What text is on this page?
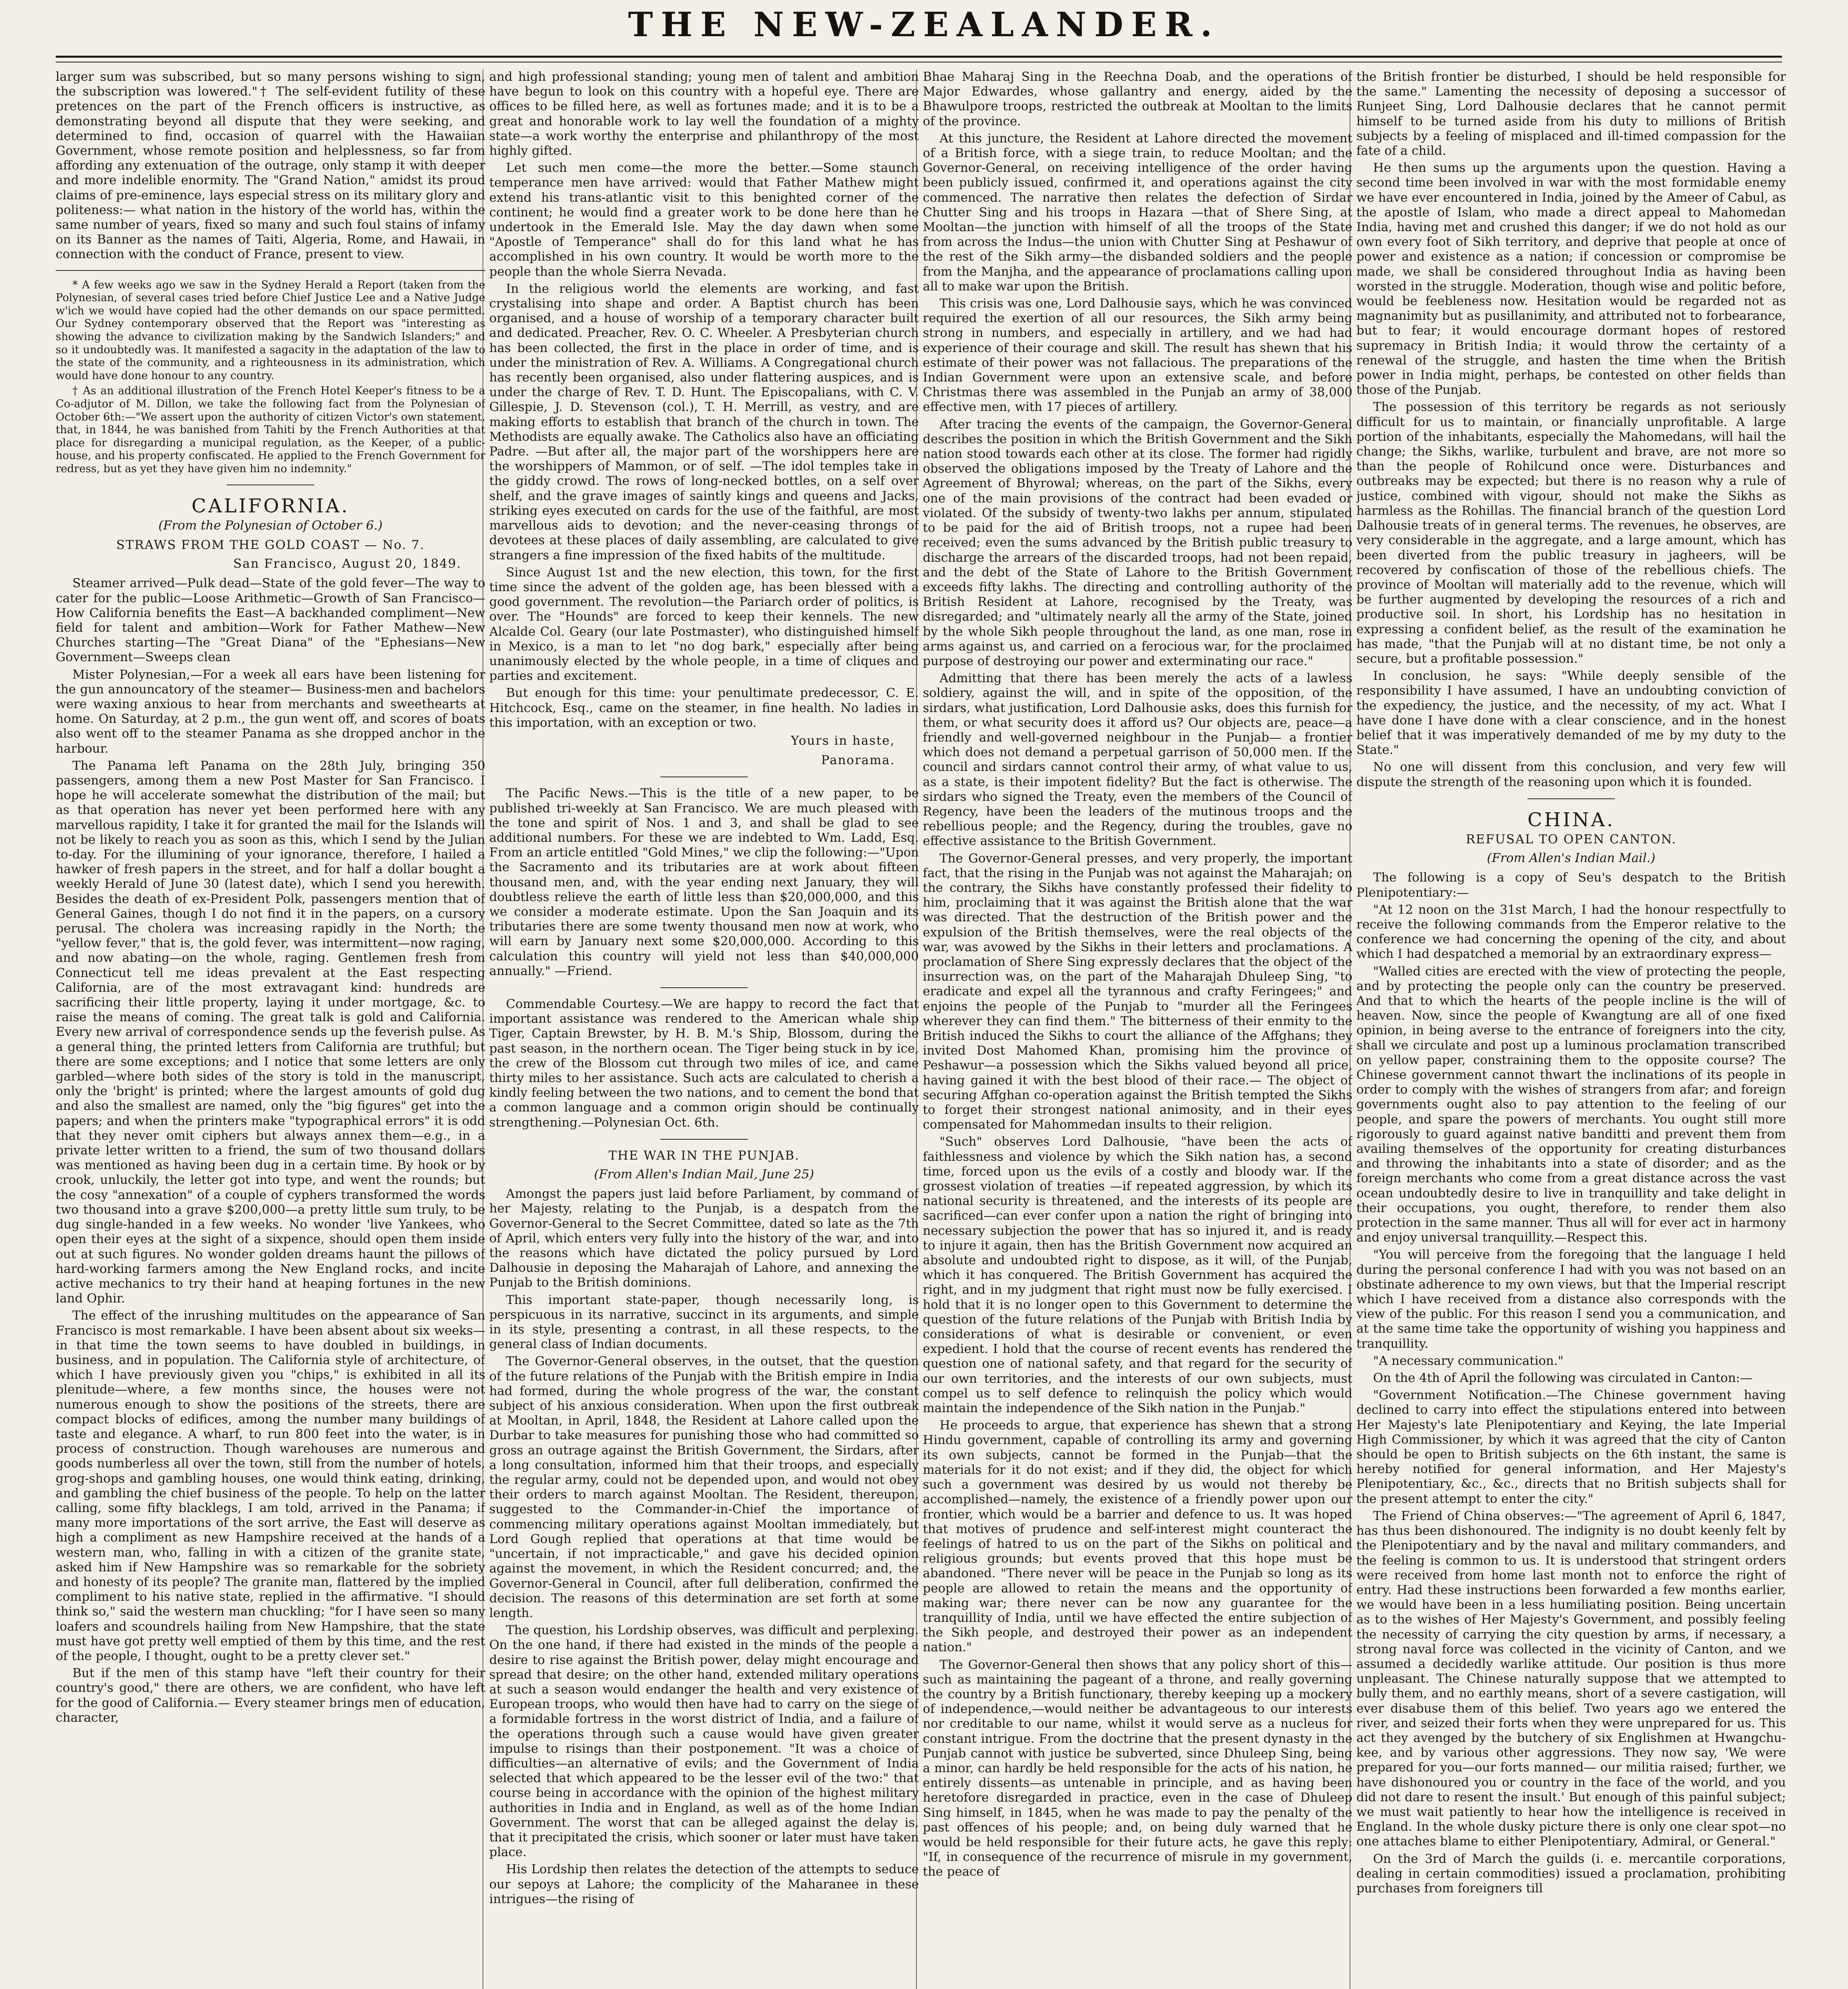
THE NEW-ZEALANDER.

larger sum was subscribed, but so many persons wishing to sign, the subscription was lowered."† The self-evident futility of these pretences on the part of the French officers is instructive, as demonstrating beyond all dispute that they were seeking, and determined to find, occasion of quarrel with the Hawaiian Government, whose remote position and helplessness, so far from affording any extenuation of the outrage, only stamp it with deeper and more indelible enormity. The "Grand Nation," amidst its proud claims of pre-eminence, lays especial stress on its military glory and politeness:— what nation in the history of the world has, within the same number of years, fixed so many and such foul stains of infamy on its Banner as the names of Taiti, Algeria, Rome, and Hawaii, in connection with the conduct of France, present to view.

* A few weeks ago we saw in the Sydney Herald a Report (taken from the Polynesian, of several cases tried before Chief Justice Lee and a Native Judge w'ich we would have copied had the other demands on our space permitted. Our Sydney contemporary observed that the Report was "interesting as showing the advance to civilization making by the Sandwich Islanders;" and so it undoubtedly was. It manifested a sagacity in the adaptation of the law to the state of the community, and a righteousness in its administration, which would have done honour to any country.

† As an additional illustration of the French Hotel Keeper's fitness to be a Co-adjutor of M. Dillon, we take the following fact from the Polynesian of October 6th:—"We assert upon the authority of citizen Victor's own statement, that, in 1844, he was banished from Tahiti by the French Authorities at that place for disregarding a municipal regulation, as the Keeper, of a public-house, and his property confiscated. He applied to the French Government for redress, but as yet they have given him no indemnity."

CALIFORNIA.

(From the Polynesian of October 6.)

STRAWS FROM THE GOLD COAST — No. 7.

San Francisco, August 20, 1849.

Steamer arrived—Pulk dead—State of the gold fever—The way to cater for the public—Loose Arithmetic—Growth of San Francisco—How California benefits the East—A backhanded compliment—New field for talent and ambition—Work for Father Mathew—New Churches starting—The "Great Diana" of the "Ephesians—New Government—Sweeps clean

Mister Polynesian,—For a week all ears have been listening for the gun announcatory of the steamer— Business-men and bachelors were waxing anxious to hear from merchants and sweethearts at home. On Saturday, at 2 p.m., the gun went off, and scores of boats also went off to the steamer Panama as she dropped anchor in the harbour.

The Panama left Panama on the 28th July, bringing 350 passengers, among them a new Post Master for San Francisco. I hope he will accelerate somewhat the distribution of the mail; but as that operation has never yet been performed here with any marvellous rapidity, I take it for granted the mail for the Islands will not be likely to reach you as soon as this, which I send by the Julian to-day. For the illumining of your ignorance, therefore, I hailed a hawker of fresh papers in the street, and for half a dollar bought a weekly Herald of June 30 (latest date), which I send you herewith. Besides the death of ex-President Polk, passengers mention that of General Gaines, though I do not find it in the papers, on a cursory perusal. The cholera was increasing rapidly in the North; the "yellow fever," that is, the gold fever, was intermittent—now raging, and now abating—on the whole, raging. Gentlemen fresh from Connecticut tell me ideas prevalent at the East respecting California, are of the most extravagant kind: hundreds are sacrificing their little property, laying it under mortgage, &c. to raise the means of coming. The great talk is gold and California. Every new arrival of correspondence sends up the feverish pulse. As a general thing, the printed letters from California are truthful; but there are some exceptions; and I notice that some letters are only garbled—where both sides of the story is told in the manuscript, only the 'bright' is printed; where the largest amounts of gold dug and also the smallest are named, only the "big figures" get into the papers; and when the printers make "typographical errors" it is odd that they never omit ciphers but always annex them—e.g., in a private letter written to a friend, the sum of two thousand dollars was mentioned as having been dug in a certain time. By hook or by crook, unluckily, the letter got into type, and went the rounds; but the cosy "annexation" of a couple of cyphers transformed the words two thousand into a grave $200,000—a pretty little sum truly, to be dug single-handed in a few weeks. No wonder 'live Yankees, who open their eyes at the sight of a sixpence, should open them inside out at such figures. No wonder golden dreams haunt the pillows of hard-working farmers among the New England rocks, and incite active mechanics to try their hand at heaping fortunes in the new land Ophir.

The effect of the inrushing multitudes on the appearance of San Francisco is most remarkable. I have been absent about six weeks—in that time the town seems to have doubled in buildings, in business, and in population. The California style of architecture, of which I have previously given you "chips," is exhibited in all its plenitude—where, a few months since, the houses were not numerous enough to show the positions of the streets, there are compact blocks of edifices, among the number many buildings of taste and elegance. A wharf, to run 800 feet into the water, is in process of construction. Though warehouses are numerous and goods numberless all over the town, still from the number of hotels, grog-shops and gambling houses, one would think eating, drinking, and gambling the chief business of the people. To help on the latter calling, some fifty blacklegs, I am told, arrived in the Panama; if many more importations of the sort arrive, the East will deserve as high a compliment as new Hampshire received at the hands of a western man, who, falling in with a citizen of the granite state, asked him if New Hampshire was so remarkable for the sobriety and honesty of its people? The granite man, flattered by the implied compliment to his native state, replied in the affirmative. "I should think so," said the western man chuckling; "for I have seen so many loafers and scoundrels hailing from New Hampshire, that the state must have got pretty well emptied of them by this time, and the rest of the people, I thought, ought to be a pretty clever set."

But if the men of this stamp have "left their country for their country's good," there are others, we are confident, who have left for the good of California.— Every steamer brings men of education, character,

and high professional standing; young men of talent and ambition have begun to look on this country with a hopeful eye. There are offices to be filled here, as well as fortunes made; and it is to be a great and honorable work to lay well the foundation of a mighty state—a work worthy the enterprise and philanthropy of the most highly gifted.

Let such men come—the more the better.—Some staunch temperance men have arrived: would that Father Mathew might extend his trans-atlantic visit to this benighted corner of the continent; he would find a greater work to be done here than he undertook in the Emerald Isle. May the day dawn when some "Apostle of Temperance" shall do for this land what he has accomplished in his own country. It would be worth more to the people than the whole Sierra Nevada.

In the religious world the elements are working, and fast crystalising into shape and order. A Baptist church has been organised, and a house of worship of a temporary character built and dedicated. Preacher, Rev. O. C. Wheeler. A Presbyterian church has been collected, the first in the place in order of time, and is under the ministration of Rev. A. Williams. A Congregational church has recently been organised, also under flattering auspices, and is under the charge of Rev. T. D. Hunt. The Episcopalians, with C. V. Gillespie, J. D. Stevenson (col.), T. H. Merrill, as vestry, and are making efforts to establish that branch of the church in town. The Methodists are equally awake. The Catholics also have an officiating Padre. —But after all, the major part of the worshippers here are the worshippers of Mammon, or of self. —The idol temples take in the giddy crowd. The rows of long-necked bottles, on a self over shelf, and the grave images of saintly kings and queens and Jacks, striking eyes executed on cards for the use of the faithful, are most marvellous aids to devotion; and the never-ceasing throngs of devotees at these places of daily assembling, are calculated to give strangers a fine impression of the fixed habits of the multitude.

Since August 1st and the new election, this town, for the first time since the advent of the golden age, has been blessed with a good government. The revolution—the Pariarch order of politics, is over. The "Hounds" are forced to keep their kennels. The new Alcalde Col. Geary (our late Postmaster), who distinguished himself in Mexico, is a man to let "no dog bark," especially after being unanimously elected by the whole people, in a time of cliques and parties and excitement.

But enough for this time: your penultimate predecessor, C. E. Hitchcock, Esq., came on the steamer, in fine health. No ladies in this importation, with an exception or two.

Yours in haste,

Panorama.

The Pacific News.—This is the title of a new paper, to be published tri-weekly at San Francisco. We are much pleased with the tone and spirit of Nos. 1 and 3, and shall be glad to see additional numbers. For these we are indebted to Wm. Ladd, Esq. From an article entitled "Gold Mines," we clip the following:—"Upon the Sacramento and its tributaries are at work about fifteen thousand men, and, with the year ending next January, they will doubtless relieve the earth of little less than $20,000,000, and this we consider a moderate estimate. Upon the San Joaquin and its tributaries there are some twenty thousand men now at work, who will earn by January next some $20,000,000. According to this calculation this country will yield not less than $40,000,000 annually." —Friend.

Commendable Courtesy.—We are happy to record the fact that important assistance was rendered to the American whale ship Tiger, Captain Brewster, by H. B. M.'s Ship, Blossom, during the past season, in the northern ocean. The Tiger being stuck in by ice, the crew of the Blossom cut through two miles of ice, and came thirty miles to her assistance. Such acts are calculated to cherish a kindly feeling between the two nations, and to cement the bond that a common language and a common origin should be continually strengthening.—Polynesian Oct. 6th.

THE WAR IN THE PUNJAB.

(From Allen's Indian Mail, June 25)

Amongst the papers just laid before Parliament, by command of her Majesty, relating to the Punjab, is a despatch from the Governor-General to the Secret Committee, dated so late as the 7th of April, which enters very fully into the history of the war, and into the reasons which have dictated the policy pursued by Lord Dalhousie in deposing the Maharajah of Lahore, and annexing the Punjab to the British dominions.

This important state-paper, though necessarily long, is perspicuous in its narrative, succinct in its arguments, and simple in its style, presenting a contrast, in all these respects, to the general class of Indian documents.

The Governor-General observes, in the outset, that the question of the future relations of the Punjab with the British empire in India had formed, during the whole progress of the war, the constant subject of his anxious consideration. When upon the first outbreak at Mooltan, in April, 1848, the Resident at Lahore called upon the Durbar to take measures for punishing those who had committed so gross an outrage against the British Government, the Sirdars, after a long consultation, informed him that their troops, and especially the regular army, could not be depended upon, and would not obey their orders to march against Mooltan. The Resident, thereupon, suggested to the Commander-in-Chief the importance of commencing military operations against Mooltan immediately, but Lord Gough replied that operations at that time would be "uncertain, if not impracticable," and gave his decided opinion against the movement, in which the Resident concurred; and, the Governor-General in Council, after full deliberation, confirmed the decision. The reasons of this determination are set forth at some length.

The question, his Lordship observes, was difficult and perplexing. On the one hand, if there had existed in the minds of the people a desire to rise against the British power, delay might encourage and spread that desire; on the other hand, extended military operations at such a season would endanger the health and very existence of European troops, who would then have had to carry on the siege of a formidable fortress in the worst district of India, and a failure of the operations through such a cause would have given greater impulse to risings than their postponement. "It was a choice of difficulties—an alternative of evils; and the Government of India selected that which appeared to be the lesser evil of the two:" that course being in accordance with the opinion of the highest military authorities in India and in England, as well as of the home Indian Government. The worst that can be alleged against the delay is, that it precipitated the crisis, which sooner or later must have taken place.

His Lordship then relates the detection of the attempts to seduce our sepoys at Lahore; the complicity of the Maharanee in these intrigues—the rising of

Bhae Maharaj Sing in the Reechna Doab, and the operations of Major Edwardes, whose gallantry and energy, aided by the Bhawulpore troops, restricted the outbreak at Mooltan to the limits of the province.

At this juncture, the Resident at Lahore directed the movement of a British force, with a siege train, to reduce Mooltan; and the Governor-General, on receiving intelligence of the order having been publicly issued, confirmed it, and operations against the city commenced. The narrative then relates the defection of Sirdar Chutter Sing and his troops in Hazara —that of Shere Sing, at Mooltan—the junction with himself of all the troops of the State from across the Indus—the union with Chutter Sing at Peshawur of the rest of the Sikh army—the disbanded soldiers and the people from the Manjha, and the appearance of proclamations calling upon all to make war upon the British.

This crisis was one, Lord Dalhousie says, which he was convinced required the exertion of all our resources, the Sikh army being strong in numbers, and especially in artillery, and we had had experience of their courage and skill. The result has shewn that his estimate of their power was not fallacious. The preparations of the Indian Government were upon an extensive scale, and before Christmas there was assembled in the Punjab an army of 38,000 effective men, with 17 pieces of artillery.

After tracing the events of the campaign, the Governor-General describes the position in which the British Government and the Sikh nation stood towards each other at its close. The former had rigidly observed the obligations imposed by the Treaty of Lahore and the Agreement of Bhyrowal; whereas, on the part of the Sikhs, every one of the main provisions of the contract had been evaded or violated. Of the subsidy of twenty-two lakhs per annum, stipulated to be paid for the aid of British troops, not a rupee had been received; even the sums advanced by the British public treasury to discharge the arrears of the discarded troops, had not been repaid, and the debt of the State of Lahore to the British Government exceeds fifty lakhs. The directing and controlling authority of the British Resident at Lahore, recognised by the Treaty, was disregarded; and "ultimately nearly all the army of the State, joined by the whole Sikh people throughout the land, as one man, rose in arms against us, and carried on a ferocious war, for the proclaimed purpose of destroying our power and exterminating our race."

Admitting that there has been merely the acts of a lawless soldiery, against the will, and in spite of the opposition, of the sirdars, what justification, Lord Dalhousie asks, does this furnish for them, or what security does it afford us? Our objects are, peace—a friendly and well-governed neighbour in the Punjab— a frontier which does not demand a perpetual garrison of 50,000 men. If the council and sirdars cannot control their army, of what value to us, as a state, is their impotent fidelity? But the fact is otherwise. The sirdars who signed the Treaty, even the members of the Council of Regency, have been the leaders of the mutinous troops and the rebellious people; and the Regency, during the troubles, gave no effective assistance to the British Government.

The Governor-General presses, and very properly, the important fact, that the rising in the Punjab was not against the Maharajah; on the contrary, the Sikhs have constantly professed their fidelity to him, proclaiming that it was against the British alone that the war was directed. That the destruction of the British power and the expulsion of the British themselves, were the real objects of the war, was avowed by the Sikhs in their letters and proclamations. A proclamation of Shere Sing expressly declares that the object of the insurrection was, on the part of the Maharajah Dhuleep Sing, "to eradicate and expel all the tyrannous and crafty Feringees;" and enjoins the people of the Punjab to "murder all the Feringees wherever they can find them." The bitterness of their enmity to the British induced the Sikhs to court the alliance of the Affghans; they invited Dost Mahomed Khan, promising him the province of Peshawur—a possession which the Sikhs valued beyond all price, having gained it with the best blood of their race.— The object of securing Affghan co-operation against the British tempted the Sikhs to forget their strongest national animosity, and in their eyes compensated for Mahommedan insults to their religion.

"Such" observes Lord Dalhousie, "have been the acts of faithlessness and violence by which the Sikh nation has, a second time, forced upon us the evils of a costly and bloody war. If the grossest violation of treaties —if repeated aggression, by which its national security is threatened, and the interests of its people are sacrificed—can ever confer upon a nation the right of bringing into necessary subjection the power that has so injured it, and is ready to injure it again, then has the British Government now acquired an absolute and undoubted right to dispose, as it will, of the Punjab, which it has conquered. The British Government has acquired the right, and in my judgment that right must now be fully exercised. I hold that it is no longer open to this Government to determine the question of the future relations of the Punjab with British India by considerations of what is desirable or convenient, or even expedient. I hold that the course of recent events has rendered the question one of national safety, and that regard for the security of our own territories, and the interests of our own subjects, must compel us to self defence to relinquish the policy which would maintain the independence of the Sikh nation in the Punjab."

He proceeds to argue, that experience has shewn that a strong Hindu government, capable of controlling its army and governing its own subjects, cannot be formed in the Punjab—that the materials for it do not exist; and if they did, the object for which such a government was desired by us would not thereby be accomplished—namely, the existence of a friendly power upon our frontier, which would be a barrier and defence to us. It was hoped that motives of prudence and self-interest might counteract the feelings of hatred to us on the part of the Sikhs on political and religious grounds; but events proved that this hope must be abandoned. "There never will be peace in the Punjab so long as its people are allowed to retain the means and the opportunity of making war; there never can be now any guarantee for the tranquillity of India, until we have effected the entire subjection of the Sikh people, and destroyed their power as an independent nation."

The Governor-General then shows that any policy short of this—such as maintaining the pageant of a throne, and really governing the country by a British functionary, thereby keeping up a mockery of independence,—would neither be advantageous to our interests nor creditable to our name, whilst it would serve as a nucleus for constant intrigue. From the doctrine that the present dynasty in the Punjab cannot with justice be subverted, since Dhuleep Sing, being a minor, can hardly be held responsible for the acts of his nation, he entirely dissents—as untenable in principle, and as having been heretofore disregarded in practice, even in the case of Dhuleep Sing himself, in 1845, when he was made to pay the penalty of the past offences of his people; and, on being duly warned that he would be held responsible for their future acts, he gave this reply: "If, in consequence of the recurrence of misrule in my government, the peace of

the British frontier be disturbed, I should be held responsible for the same." Lamenting the necessity of deposing a successor of Runjeet Sing, Lord Dalhousie declares that he cannot permit himself to be turned aside from his duty to millions of British subjects by a feeling of misplaced and ill-timed compassion for the fate of a child.

He then sums up the arguments upon the question. Having a second time been involved in war with the most formidable enemy we have ever encountered in India, joined by the Ameer of Cabul, as the apostle of Islam, who made a direct appeal to Mahomedan India, having met and crushed this danger; if we do not hold as our own every foot of Sikh territory, and deprive that people at once of power and existence as a nation; if concession or compromise be made, we shall be considered throughout India as having been worsted in the struggle. Moderation, though wise and politic before, would be feebleness now. Hesitation would be regarded not as magnanimity but as pusillanimity, and attributed not to forbearance, but to fear; it would encourage dormant hopes of restored supremacy in British India; it would throw the certainty of a renewal of the struggle, and hasten the time when the British power in India might, perhaps, be contested on other fields than those of the Punjab.

The possession of this territory be regards as not seriously difficult for us to maintain, or financially unprofitable. A large portion of the inhabitants, especially the Mahomedans, will hail the change; the Sikhs, warlike, turbulent and brave, are not more so than the people of Rohilcund once were. Disturbances and outbreaks may be expected; but there is no reason why a rule of justice, combined with vigour, should not make the Sikhs as harmless as the Rohillas. The financial branch of the question Lord Dalhousie treats of in general terms. The revenues, he observes, are very considerable in the aggregate, and a large amount, which has been diverted from the public treasury in jagheers, will be recovered by confiscation of those of the rebellious chiefs. The province of Mooltan will materially add to the revenue, which will be further augmented by developing the resources of a rich and productive soil. In short, his Lordship has no hesitation in expressing a confident belief, as the result of the examination he has made, "that the Punjab will at no distant time, be not only a secure, but a profitable possession."

In conclusion, he says: "While deeply sensible of the responsibility I have assumed, I have an undoubting conviction of the expediency, the justice, and the necessity, of my act. What I have done I have done with a clear conscience, and in the honest belief that it was imperatively demanded of me by my duty to the State."

No one will dissent from this conclusion, and very few will dispute the strength of the reasoning upon which it is founded.

CHINA.
REFUSAL TO OPEN CANTON.

(From Allen's Indian Mail.)

The following is a copy of Seu's despatch to the British Plenipotentiary:—

"At 12 noon on the 31st March, I had the honour respectfully to receive the following commands from the Emperor relative to the conference we had concerning the opening of the city, and about which I had despatched a memorial by an extraordinary express—

"Walled cities are erected with the view of protecting the people, and by protecting the people only can the country be preserved. And that to which the hearts of the people incline is the will of heaven. Now, since the people of Kwangtung are all of one fixed opinion, in being averse to the entrance of foreigners into the city, shall we circulate and post up a luminous proclamation transcribed on yellow paper, constraining them to the opposite course? The Chinese government cannot thwart the inclinations of its people in order to comply with the wishes of strangers from afar; and foreign governments ought also to pay attention to the feeling of our people, and spare the powers of merchants. You ought still more rigorously to guard against native banditti and prevent them from availing themselves of the opportunity for creating disturbances and throwing the inhabitants into a state of disorder; and as the foreign merchants who come from a great distance across the vast ocean undoubtedly desire to live in tranquillity and take delight in their occupations, you ought, therefore, to render them also protection in the same manner. Thus all will for ever act in harmony and enjoy universal tranquillity.—Respect this.

"You will perceive from the foregoing that the language I held during the personal conference I had with you was not based on an obstinate adherence to my own views, but that the Imperial rescript which I have received from a distance also corresponds with the view of the public. For this reason I send you a communication, and at the same time take the opportunity of wishing you happiness and tranquillity.

"A necessary communication."

On the 4th of April the following was circulated in Canton:—

"Government Notification.—The Chinese government having declined to carry into effect the stipulations entered into between Her Majesty's late Plenipotentiary and Keying, the late Imperial High Commissioner, by which it was agreed that the city of Canton should be open to British subjects on the 6th instant, the same is hereby notified for general information, and Her Majesty's Plenipotentiary, &c., &c., directs that no British subjects shall for the present attempt to enter the city."

The Friend of China observes:—"The agreement of April 6, 1847, has thus been dishonoured. The indignity is no doubt keenly felt by the Plenipotentiary and by the naval and military commanders, and the feeling is common to us. It is understood that stringent orders were received from home last month not to enforce the right of entry. Had these instructions been forwarded a few months earlier, we would have been in a less humiliating position. Being uncertain as to the wishes of Her Majesty's Government, and possibly feeling the necessity of carrying the city question by arms, if necessary, a strong naval force was collected in the vicinity of Canton, and we assumed a decidedly warlike attitude. Our position is thus more unpleasant. The Chinese naturally suppose that we attempted to bully them, and no earthly means, short of a severe castigation, will ever disabuse them of this belief. Two years ago we entered the river, and seized their forts when they were unprepared for us. This act they avenged by the butchery of six Englishmen at Hwangchu-kee, and by various other aggressions. They now say, 'We were prepared for you—our forts manned— our militia raised; further, we have dishonoured you or country in the face of the world, and you did not dare to resent the insult.' But enough of this painful subject; we must wait patiently to hear how the intelligence is received in England. In the whole dusky picture there is only one clear spot—no one attaches blame to either Plenipotentiary, Admiral, or General."

On the 3rd of March the guilds (i. e. mercantile corporations, dealing in certain commodities) issued a proclamation, prohibiting purchases from foreigners till
